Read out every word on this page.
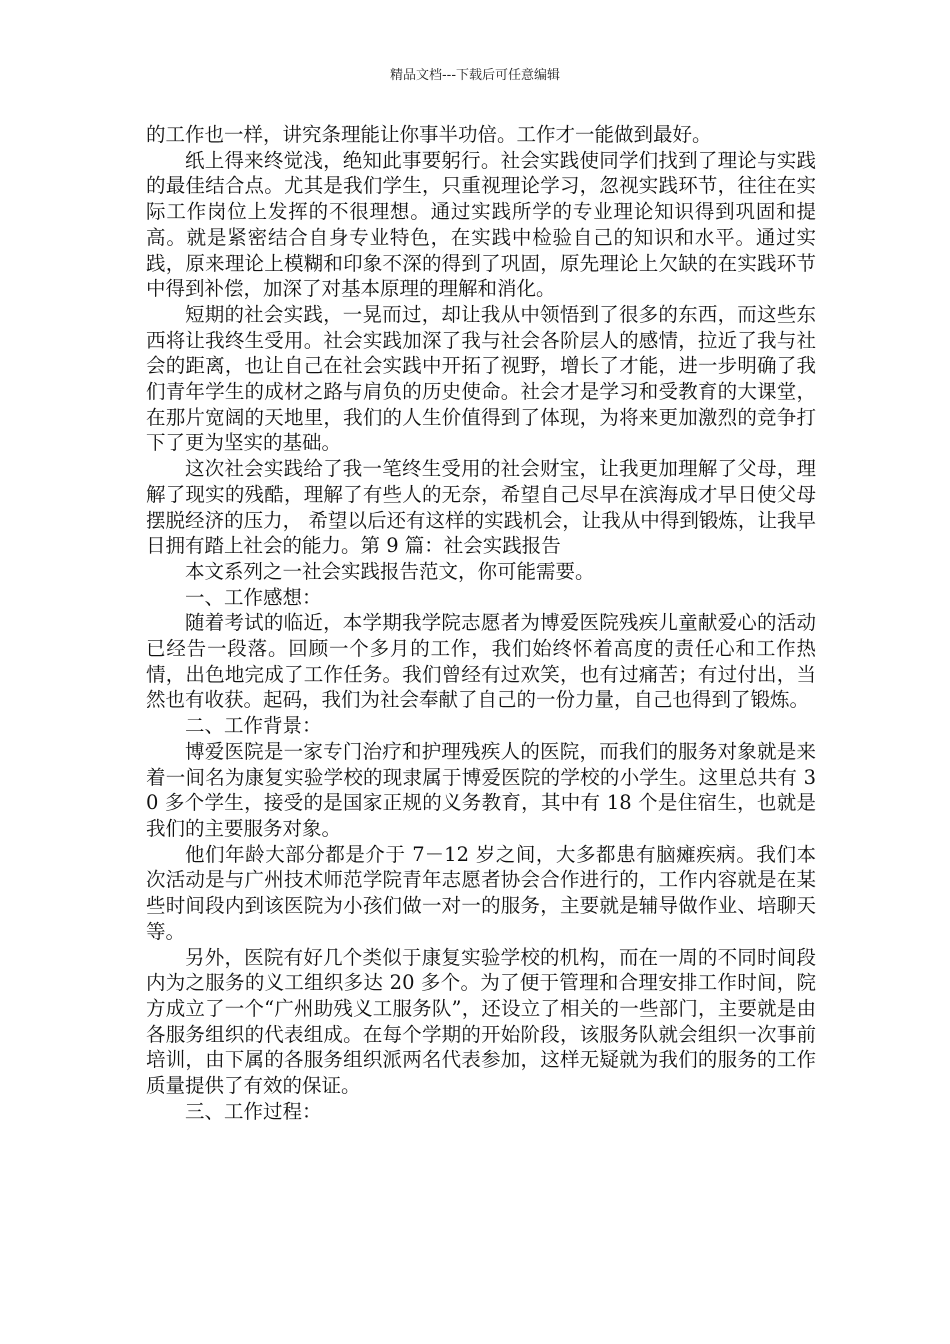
精品文档---下载后可任意编辑

的工作也一样，讲究条理能让你事半功倍。工作才一能做到最好。

纸上得来终觉浅，绝知此事要躬行。社会实践使同学们找到了理论与实践的最佳结合点。尤其是我们学生，只重视理论学习，忽视实践环节，往往在实际工作岗位上发挥的不很理想。通过实践所学的专业理论知识得到巩固和提高。就是紧密结合自身专业特色，在实践中检验自己的知识和水平。通过实践，原来理论上模糊和印象不深的得到了巩固，原先理论上欠缺的在实践环节中得到补偿，加深了对基本原理的理解和消化。

短期的社会实践，一晃而过，却让我从中领悟到了很多的东西，而这些东西将让我终生受用。社会实践加深了我与社会各阶层人的感情，拉近了我与社会的距离，也让自己在社会实践中开拓了视野，增长了才能，进一步明确了我们青年学生的成材之路与肩负的历史使命。社会才是学习和受教育的大课堂，在那片宽阔的天地里，我们的人生价值得到了体现，为将来更加激烈的竞争打下了更为坚实的基础。

这次社会实践给了我一笔终生受用的社会财宝，让我更加理解了父母，理解了现实的残酷，理解了有些人的无奈，希望自己尽早在滨海成才早日使父母摆脱经济的压力， 希望以后还有这样的实践机会，让我从中得到锻炼，让我早日拥有踏上社会的能力。第 9 篇：社会实践报告

本文系列之一社会实践报告范文，你可能需要。

一、工作感想：

随着考试的临近，本学期我学院志愿者为博爱医院残疾儿童献爱心的活动已经告一段落。回顾一个多月的工作，我们始终怀着高度的责任心和工作热情，出色地完成了工作任务。我们曾经有过欢笑，也有过痛苦；有过付出，当然也有收获。起码，我们为社会奉献了自己的一份力量，自己也得到了锻炼。

二、工作背景：

博爱医院是一家专门治疗和护理残疾人的医院，而我们的服务对象就是来着一间名为康复实验学校的现隶属于博爱医院的学校的小学生。这里总共有 30 多个学生，接受的是国家正规的义务教育，其中有 18 个是住宿生，也就是我们的主要服务对象。

他们年龄大部分都是介于 7－12 岁之间，大多都患有脑瘫疾病。我们本次活动是与广州技术师范学院青年志愿者协会合作进行的，工作内容就是在某些时间段内到该医院为小孩们做一对一的服务，主要就是辅导做作业、培聊天等。

另外，医院有好几个类似于康复实验学校的机构，而在一周的不同时间段内为之服务的义工组织多达 20 多个。为了便于管理和合理安排工作时间，院方成立了一个“广州助残义工服务队”，还设立了相关的一些部门，主要就是由各服务组织的代表组成。在每个学期的开始阶段，该服务队就会组织一次事前培训，由下属的各服务组织派两名代表参加，这样无疑就为我们的服务的工作质量提供了有效的保证。

三、工作过程：
